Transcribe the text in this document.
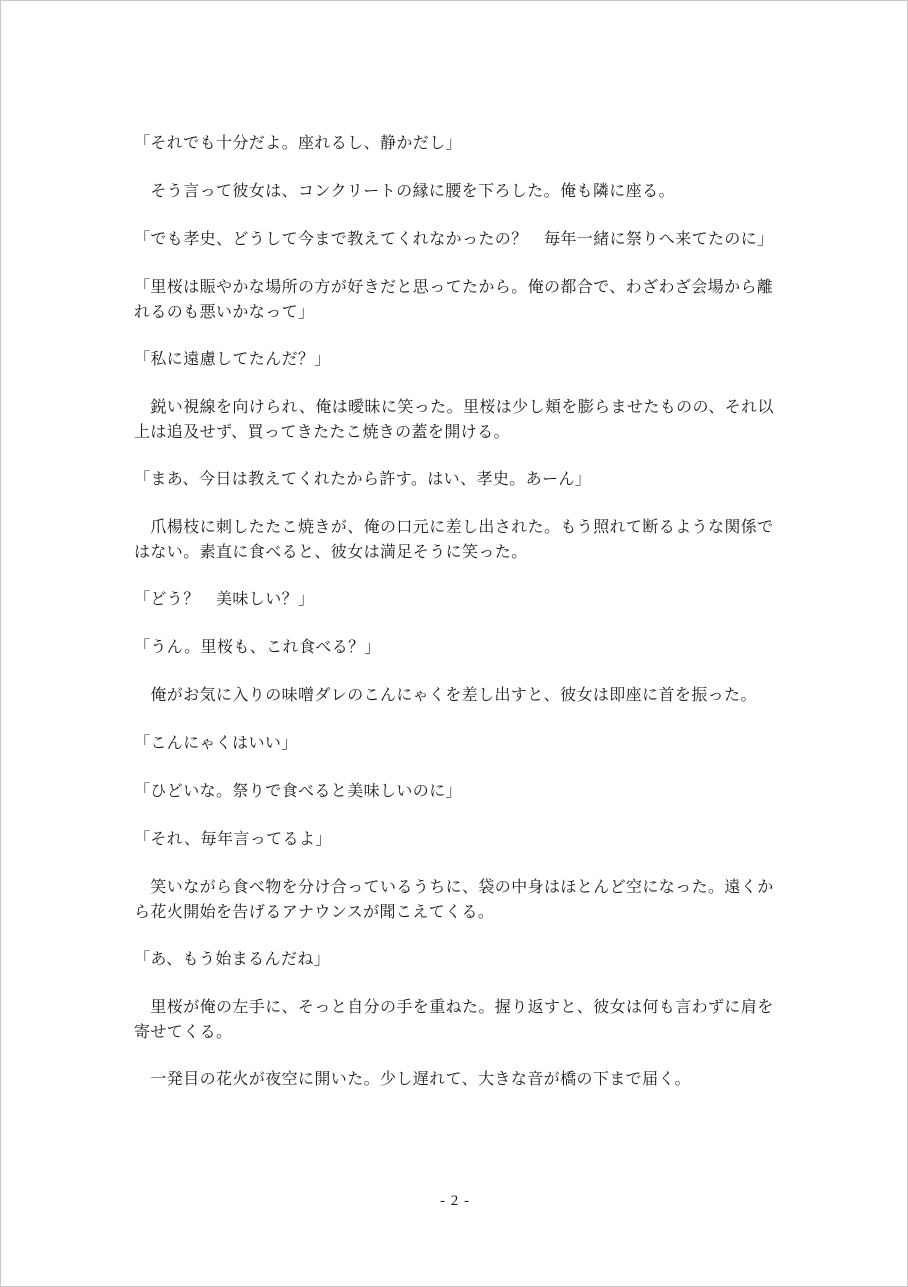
「それでも十分だよ。座れるし、静かだし」

　そう言って彼女は、コンクリートの縁に腰を下ろした。俺も隣に座る。

「でも孝史、どうして今まで教えてくれなかったの？　毎年一緒に祭りへ来てたのに」

「里桜は賑やかな場所の方が好きだと思ってたから。俺の都合で、わざわざ会場から離れるのも悪いかなって」

「私に遠慮してたんだ？」

　鋭い視線を向けられ、俺は曖昧に笑った。里桜は少し頬を膨らませたものの、それ以上は追及せず、買ってきたたこ焼きの蓋を開ける。

「まあ、今日は教えてくれたから許す。はい、孝史。あーん」

　爪楊枝に刺したたこ焼きが、俺の口元に差し出された。もう照れて断るような関係ではない。素直に食べると、彼女は満足そうに笑った。

「どう？　美味しい？」

「うん。里桜も、これ食べる？」

　俺がお気に入りの味噌ダレのこんにゃくを差し出すと、彼女は即座に首を振った。

「こんにゃくはいい」

「ひどいな。祭りで食べると美味しいのに」

「それ、毎年言ってるよ」

　笑いながら食べ物を分け合っているうちに、袋の中身はほとんど空になった。遠くから花火開始を告げるアナウンスが聞こえてくる。

「あ、もう始まるんだね」

　里桜が俺の左手に、そっと自分の手を重ねた。握り返すと、彼女は何も言わずに肩を寄せてくる。

　一発目の花火が夜空に開いた。少し遅れて、大きな音が橋の下まで届く。

- 2 -
